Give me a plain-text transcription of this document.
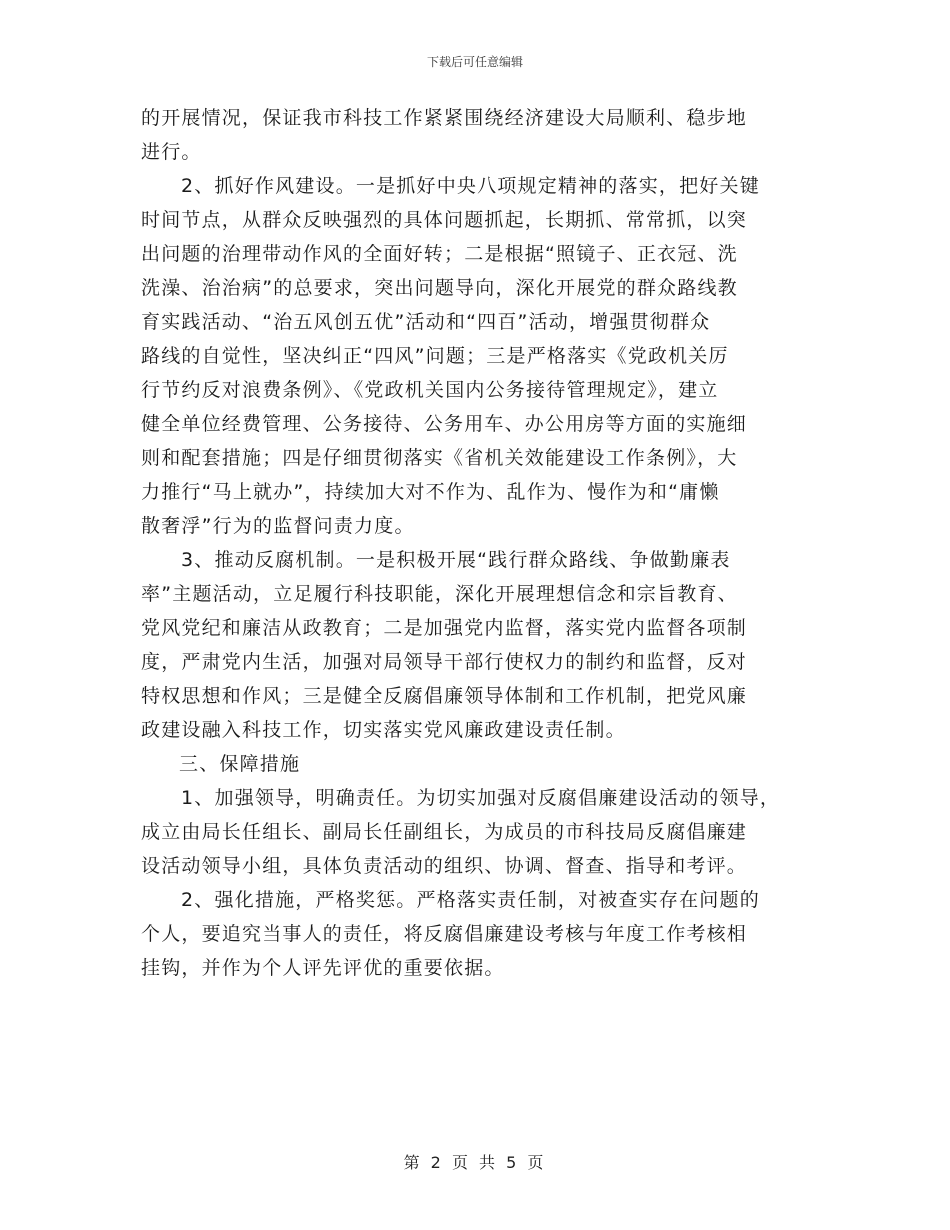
下载后可任意编辑
的开展情况，保证我市科技工作紧紧围绕经济建设大局顺利、稳步地
进行。
2、抓好作风建设。一是抓好中央八项规定精神的落实，把好关键
时间节点，从群众反映强烈的具体问题抓起，长期抓、常常抓，以突
出问题的治理带动作风的全面好转；二是根据“照镜子、正衣冠、洗
洗澡、治治病”的总要求，突出问题导向，深化开展党的群众路线教
育实践活动、“治五风创五优”活动和“四百”活动，增强贯彻群众
路线的自觉性，坚决纠正“四风”问题；三是严格落实《党政机关厉
行节约反对浪费条例》、《党政机关国内公务接待管理规定》，建立
健全单位经费管理、公务接待、公务用车、办公用房等方面的实施细
则和配套措施；四是仔细贯彻落实《省机关效能建设工作条例》，大
力推行“马上就办”，持续加大对不作为、乱作为、慢作为和“庸懒
散奢浮”行为的监督问责力度。
3、推动反腐机制。一是积极开展“践行群众路线、争做勤廉表
率”主题活动，立足履行科技职能，深化开展理想信念和宗旨教育、
党风党纪和廉洁从政教育；二是加强党内监督，落实党内监督各项制
度，严肃党内生活，加强对局领导干部行使权力的制约和监督，反对
特权思想和作风；三是健全反腐倡廉领导体制和工作机制，把党风廉
政建设融入科技工作，切实落实党风廉政建设责任制。
三、保障措施
1、加强领导，明确责任。为切实加强对反腐倡廉建设活动的领导，
成立由局长任组长、副局长任副组长，为成员的市科技局反腐倡廉建
设活动领导小组，具体负责活动的组织、协调、督查、指导和考评。
2、强化措施，严格奖惩。严格落实责任制，对被查实存在问题的
个人，要追究当事人的责任，将反腐倡廉建设考核与年度工作考核相
挂钩，并作为个人评先评优的重要依据。
第 2 页 共 5 页
